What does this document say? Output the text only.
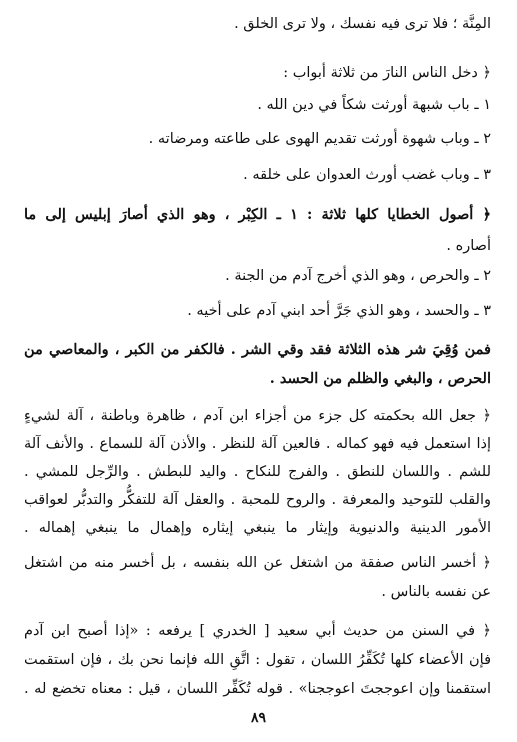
المِنَّة ؛ فلا ترى فيه نفسك ، ولا ترى الخلق .
﴿ دخل الناس النارَ من ثلاثة أبواب :
١ ـ باب شبهة أورثت شكاً في دين الله .
٢ ـ وباب شهوة أورثت تقديم الهوى على طاعته ومرضاته .
٣ ـ وباب غضب أورث العدوان على خلقه .
﴿ أصول الخطايا كلها ثلاثة : ١ ـ الكِبْر ، وهو الذي أصارَ إبليس إلى ما
أصاره .
٢ ـ والحرص ، وهو الذي أخرج آدم من الجنة .
٣ ـ والحسد ، وهو الذي جَرَّ أحد ابني آدم على أخيه .
فمن وُقِيَ شر هذه الثلاثة فقد وقي الشر . فالكفر من الكبر ، والمعاصي من
الحرص ، والبغي والظلم من الحسد .
﴿ جعل الله بحكمته كل جزء من أجزاء ابن آدم ، ظاهرة وباطنة ، آلة لشيءٍ
إذا استعمل فيه فهو كماله . فالعين آلة للنظر . والأذن آلة للسماع . والأنف آلة
للشم . واللسان للنطق . والفرج للنكاح . واليد للبطش . والرِّجل للمشي .
والقلب للتوحيد والمعرفة . والروح للمحبة . والعقل آلة للتفكُّر والتدبُّر لعواقب
الأمور الدينية والدنيوية وإيثار ما ينبغي إيثاره وإهمال ما ينبغي إهماله .
﴿ أخسر الناس صفقة من اشتغل عن الله بنفسه ، بل أخسر منه من اشتغل
عن نفسه بالناس .
﴿ في السنن من حديث أبي سعيد [ الخدري ] يرفعه : «إذا أصبح ابن آدم
فإن الأعضاء كلها تُكَفِّرُ اللسان ، تقول : اتَّقِ الله فإنما نحن بك ، فإن استقمت
استقمنا وإن اعوججتَ اعوججنا» . قوله تُكَفِّر اللسان ، قيل : معناه تخضع له .
٨٩
